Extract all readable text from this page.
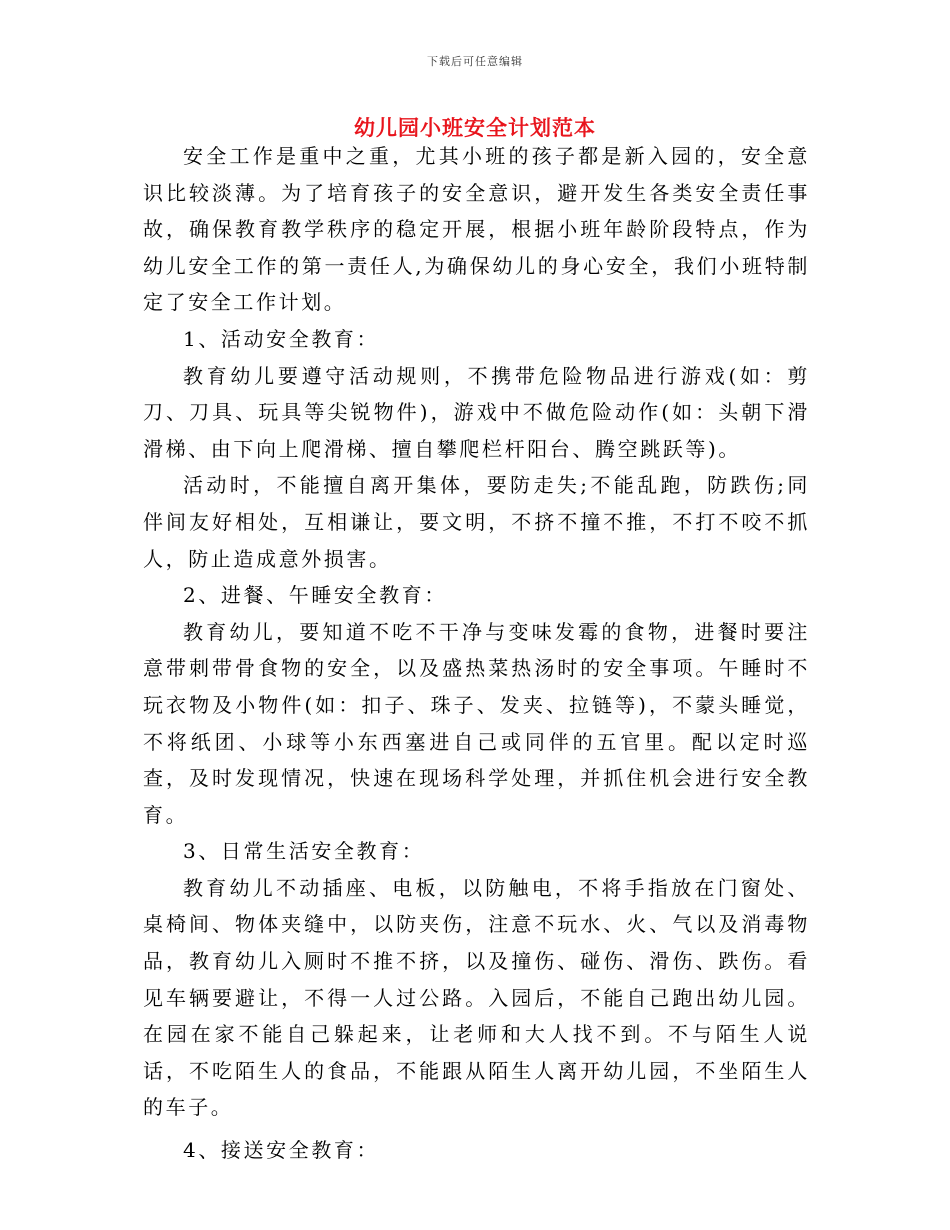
下载后可任意编辑
幼儿园小班安全计划范本

安全工作是重中之重，尤其小班的孩子都是新入园的，安全意识比较淡薄。为了培育孩子的安全意识，避开发生各类安全责任事故，确保教育教学秩序的稳定开展，根据小班年龄阶段特点，作为幼儿安全工作的第一责任人,为确保幼儿的身心安全，我们小班特制定了安全工作计划。

1、活动安全教育：

教育幼儿要遵守活动规则，不携带危险物品进行游戏(如：剪刀、刀具、玩具等尖锐物件)，游戏中不做危险动作(如：头朝下滑滑梯、由下向上爬滑梯、擅自攀爬栏杆阳台、腾空跳跃等)。

活动时，不能擅自离开集体，要防走失;不能乱跑，防跌伤;同伴间友好相处，互相谦让，要文明，不挤不撞不推，不打不咬不抓人，防止造成意外损害。

2、进餐、午睡安全教育：

教育幼儿，要知道不吃不干净与变味发霉的食物，进餐时要注意带刺带骨食物的安全，以及盛热菜热汤时的安全事项。午睡时不玩衣物及小物件(如：扣子、珠子、发夹、拉链等)，不蒙头睡觉，不将纸团、小球等小东西塞进自己或同伴的五官里。配以定时巡查，及时发现情况，快速在现场科学处理，并抓住机会进行安全教育。

3、日常生活安全教育：

教育幼儿不动插座、电板，以防触电，不将手指放在门窗处、桌椅间、物体夹缝中，以防夹伤，注意不玩水、火、气以及消毒物品，教育幼儿入厕时不推不挤，以及撞伤、碰伤、滑伤、跌伤。看见车辆要避让，不得一人过公路。入园后，不能自己跑出幼儿园。在园在家不能自己躲起来，让老师和大人找不到。不与陌生人说话，不吃陌生人的食品，不能跟从陌生人离开幼儿园，不坐陌生人的车子。

4、接送安全教育：
